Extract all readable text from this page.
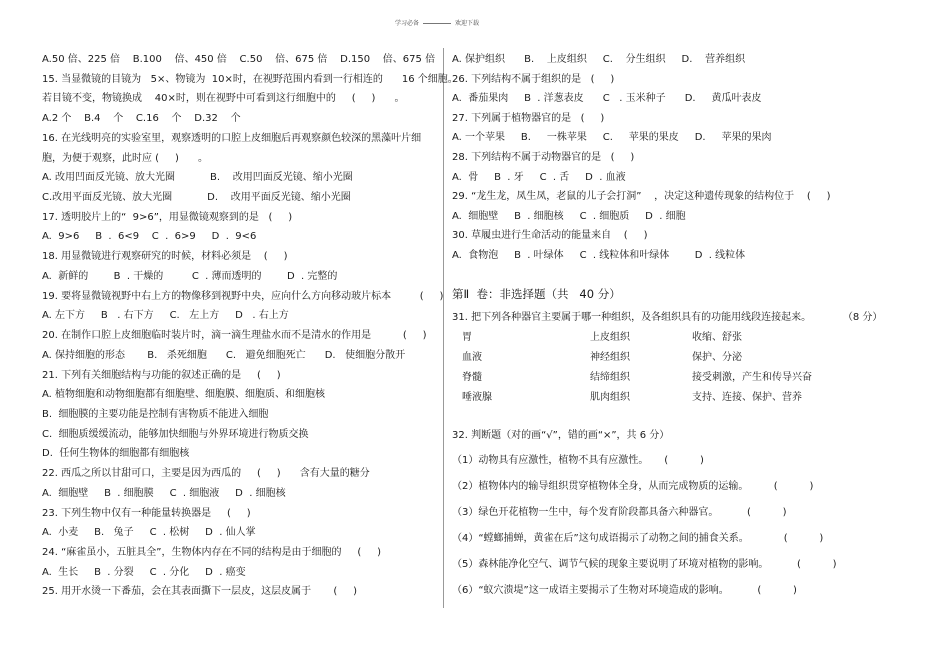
学习必备	欢迎下载
A.50 倍、225 倍    B.100    倍、450 倍    C.50    倍、675 倍    D.150    倍、675 倍
15. 当显微镜的目镜为   5×、物镜为  10×时，在视野范围内看到一行相连的      16 个细胞。
若目镜不变，物镜换成    40×时，则在视野中可看到这行细胞中的     (     )      。
A.2 个    B.4    个    C.16    个    D.32    个
16. 在光线明亮的实验室里，观察透明的口腔上皮细胞后再观察颜色较深的黑藻叶片细
胞，为便于观察，此时应 (     )      。
A. 改用凹面反光镜、放大光圈           B.    改用凹面反光镜、缩小光圈
C.改用平面反光镜、放大光圈           D.    改用平面反光镜、缩小光圈
17. 透明胶片上的“  9>6”，用显微镜观察到的是   (     )
A.  9>6     B  .  6<9    C  .  6>9     D  .  9<6
18. 用显微镜进行观察研究的时候，材料必须是    (     )
A.  新鲜的        B  . 干燥的         C  . 薄而透明的        D  . 完整的
19. 要将显微镜视野中右上方的物像移到视野中央，应向什么方向移动玻片标本         (     )
A. 左下方     B   . 右下方     C.   左上方     D   . 右上方
20. 在制作口腔上皮细胞临时装片时，滴一滴生理盐水而不是清水的作用是          (     )
A. 保持细胞的形态       B.   杀死细胞      C.   避免细胞死亡      D.   使细胞分散开
21. 下列有关细胞结构与功能的叙述正确的是     (     )
A. 植物细胞和动物细胞都有细胞壁、细胞膜、细胞质、和细胞核
B.  细胞膜的主要功能是控制有害物质不能进入细胞
C.  细胞质缓缓流动，能够加快细胞与外界环境进行物质交换
D.  任何生物体的细胞都有细胞核
22. 西瓜之所以甘甜可口，主要是因为西瓜的     (     )      含有大量的糖分
A.  细胞壁     B  . 细胞膜     C  . 细胞液     D  . 细胞核
23. 下列生物中仅有一种能量转换器是     (     )
A.  小麦     B.   兔子     C  . 松树     D  . 仙人掌
24. “麻雀虽小，五脏具全”，生物体内存在不同的结构是由于细胞的     (     )
A.  生长     B  . 分裂     C  . 分化     D  . 癌变
25. 用开水烫一下番茄，会在其表面撕下一层皮，这层皮属于       (     )
A. 保护组织      B.    上皮组织     C.    分生组织     D.    营养组织
26. 下列结构不属于组织的是   (     )
A.  番茄果肉     B  . 洋葱表皮      C   . 玉米种子      D.     黄瓜叶表皮
27. 下列属于植物器官的是   (     )
A. 一个苹果     B.     一株苹果     C.     苹果的果皮     D.     苹果的果肉
28. 下列结构不属于动物器官的是   (     )
A.  骨     B  . 牙     C  . 舌     D  . 血液
29. “龙生龙，凤生凤，老鼠的儿子会打洞”    ，决定这种遗传现象的结构位于    (     )
A.  细胞壁     B  . 细胞核     C  . 细胞质     D  . 细胞
30. 草履虫进行生命活动的能量来自    (     )
A.  食物泡     B  . 叶绿体     C  . 线粒体和叶绿体        D  . 线粒体
第Ⅱ  卷：非选择题（共   40 分）
31. 把下列各种器官主要属于哪一种组织，及各组织具有的功能用线段连接起来。          （8 分）
胃
血液
脊髓
唾液腺
上皮组织
神经组织
结缔组织
肌肉组织
收缩、舒张
保护、分泌
接受刺激，产生和传导兴奋
支持、连接、保护、营养
32. 判断题（对的画“√”，错的画“×”，共 6 分）
（1）动物具有应激性，植物不具有应激性。     (          )
（2）植物体内的输导组织贯穿植物体全身，从而完成物质的运输。        (          )
（3）绿色开花植物一生中，每个发育阶段都具备六种器官。         (          )
（4）“螳螂捕蝉，黄雀在后”这句成语揭示了动物之间的捕食关系。           (          )
（5）森林能净化空气、调节气候的现象主要说明了环境对植物的影响。         (          )
（6）“蚁穴溃堤”这一成语主要揭示了生物对环境造成的影响。         (          )
